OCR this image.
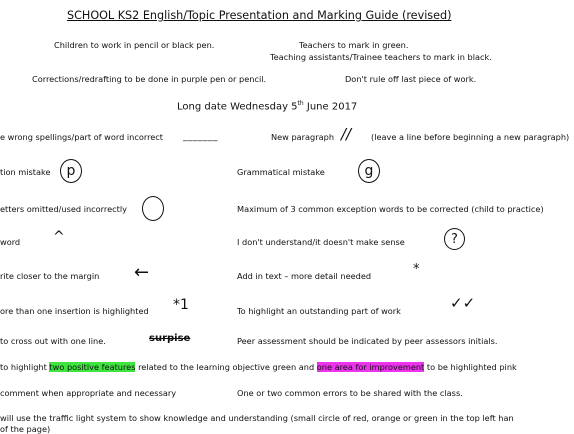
SCHOOL KS2 English/Topic Presentation and Marking Guide (revised)
Children to work in pencil or black pen.	Teachers to mark in green.
Teaching assistants/Trainee teachers to mark in black.
Corrections/redrafting to be done in purple pen or pencil.	Don't rule off last piece of work.
Long date Wednesday 5th June 2017
e wrong spellings/part of word incorrect _______	New paragraph // (leave a line before beginning a new paragraph)
tion mistake	p	Grammatical mistake	g
etters omitted/used incorrectly	Maximum of 3 common exception words to be corrected (child to practice)
word ^	I don't understand/it doesn't make sense	?
rite closer to the margin ←	Add in text – more detail needed	*
ore than one insertion is highlighted *1	To highlight an outstanding part of work	✓✓
to cross out with one line.	surpise	Peer assessment should be indicated by peer assessors initials.
to highlight two positive features related to the learning objective green and one area for improvement to be highlighted pink
comment when appropriate and necessary	One or two common errors to be shared with the class.
will use the traffic light system to show knowledge and understanding (small circle of red, orange or green in the top left han
of the page)
